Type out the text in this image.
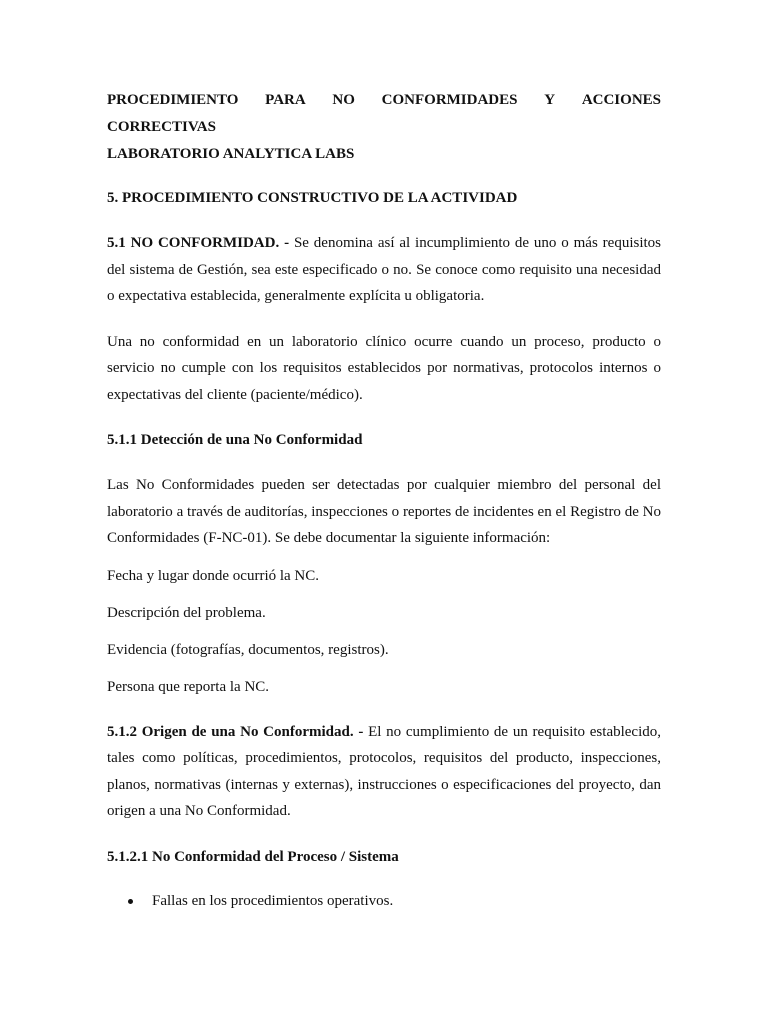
PROCEDIMIENTO PARA NO CONFORMIDADES Y ACCIONES
CORRECTIVAS
LABORATORIO ANALYTICA LABS
5. PROCEDIMIENTO CONSTRUCTIVO DE LA ACTIVIDAD

5.1 NO CONFORMIDAD. - Se denomina así al incumplimiento de uno o más requisitos del sistema de Gestión, sea este especificado o no. Se conoce como requisito una necesidad o expectativa establecida, generalmente explícita u obligatoria.

Una no conformidad en un laboratorio clínico ocurre cuando un proceso, producto o servicio no cumple con los requisitos establecidos por normativas, protocolos internos o expectativas del cliente (paciente/médico).

5.1.1 Detección de una No Conformidad

Las No Conformidades pueden ser detectadas por cualquier miembro del personal del laboratorio a través de auditorías, inspecciones o reportes de incidentes en el Registro de No Conformidades (F-NC-01). Se debe documentar la siguiente información:

Fecha y lugar donde ocurrió la NC.
Descripción del problema.
Evidencia (fotografías, documentos, registros).
Persona que reporta la NC.

5.1.2 Origen de una No Conformidad. - El no cumplimiento de un requisito establecido, tales como políticas, procedimientos, protocolos, requisitos del producto, inspecciones, planos, normativas (internas y externas), instrucciones o especificaciones del proyecto, dan origen a una No Conformidad.

5.1.2.1 No Conformidad del Proceso / Sistema
Fallas en los procedimientos operativos.
